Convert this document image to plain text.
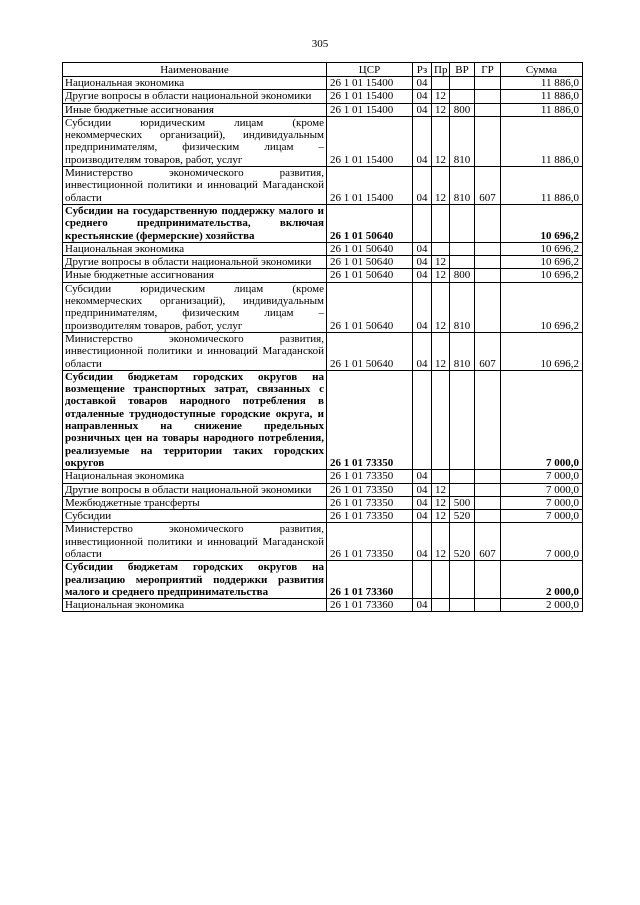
305
Наименование	ЦСР	Рз	Пр	ВР	ГР	Сумма
Национальная экономика	26 1 01 15400	04				11 886,0
Другие вопросы в области национальной экономики	26 1 01 15400	04	12			11 886,0
Иные бюджетные ассигнования	26 1 01 15400	04	12	800		11 886,0
Субсидии юридическим лицам (кроме некоммерческих организаций), индивидуальным предпринимателям, физическим лицам – производителям товаров, работ, услуг	26 1 01 15400	04	12	810		11 886,0
Министерство экономического развития, инвестиционной политики и инноваций Магаданской области	26 1 01 15400	04	12	810	607	11 886,0
Субсидии на государственную поддержку малого и среднего предпринимательства, включая крестьянские (фермерские) хозяйства	26 1 01 50640					10 696,2
Национальная экономика	26 1 01 50640	04				10 696,2
Другие вопросы в области национальной экономики	26 1 01 50640	04	12			10 696,2
Иные бюджетные ассигнования	26 1 01 50640	04	12	800		10 696,2
Субсидии юридическим лицам (кроме некоммерческих организаций), индивидуальным предпринимателям, физическим лицам – производителям товаров, работ, услуг	26 1 01 50640	04	12	810		10 696,2
Министерство экономического развития, инвестиционной политики и инноваций Магаданской области	26 1 01 50640	04	12	810	607	10 696,2
Субсидии бюджетам городских округов на возмещение транспортных затрат, связанных с доставкой товаров народного потребления в отдаленные труднодоступные городские округа, и направленных на снижение предельных розничных цен на товары народного потребления, реализуемые на территории таких городских округов	26 1 01 73350					7 000,0
Национальная экономика	26 1 01 73350	04				7 000,0
Другие вопросы в области национальной экономики	26 1 01 73350	04	12			7 000,0
Межбюджетные трансферты	26 1 01 73350	04	12	500		7 000,0
Субсидии	26 1 01 73350	04	12	520		7 000,0
Министерство экономического развития, инвестиционной политики и инноваций Магаданской области	26 1 01 73350	04	12	520	607	7 000,0
Субсидии бюджетам городских округов на реализацию мероприятий поддержки развития малого и среднего предпринимательства	26 1 01 73360					2 000,0
Национальная экономика	26 1 01 73360	04				2 000,0
